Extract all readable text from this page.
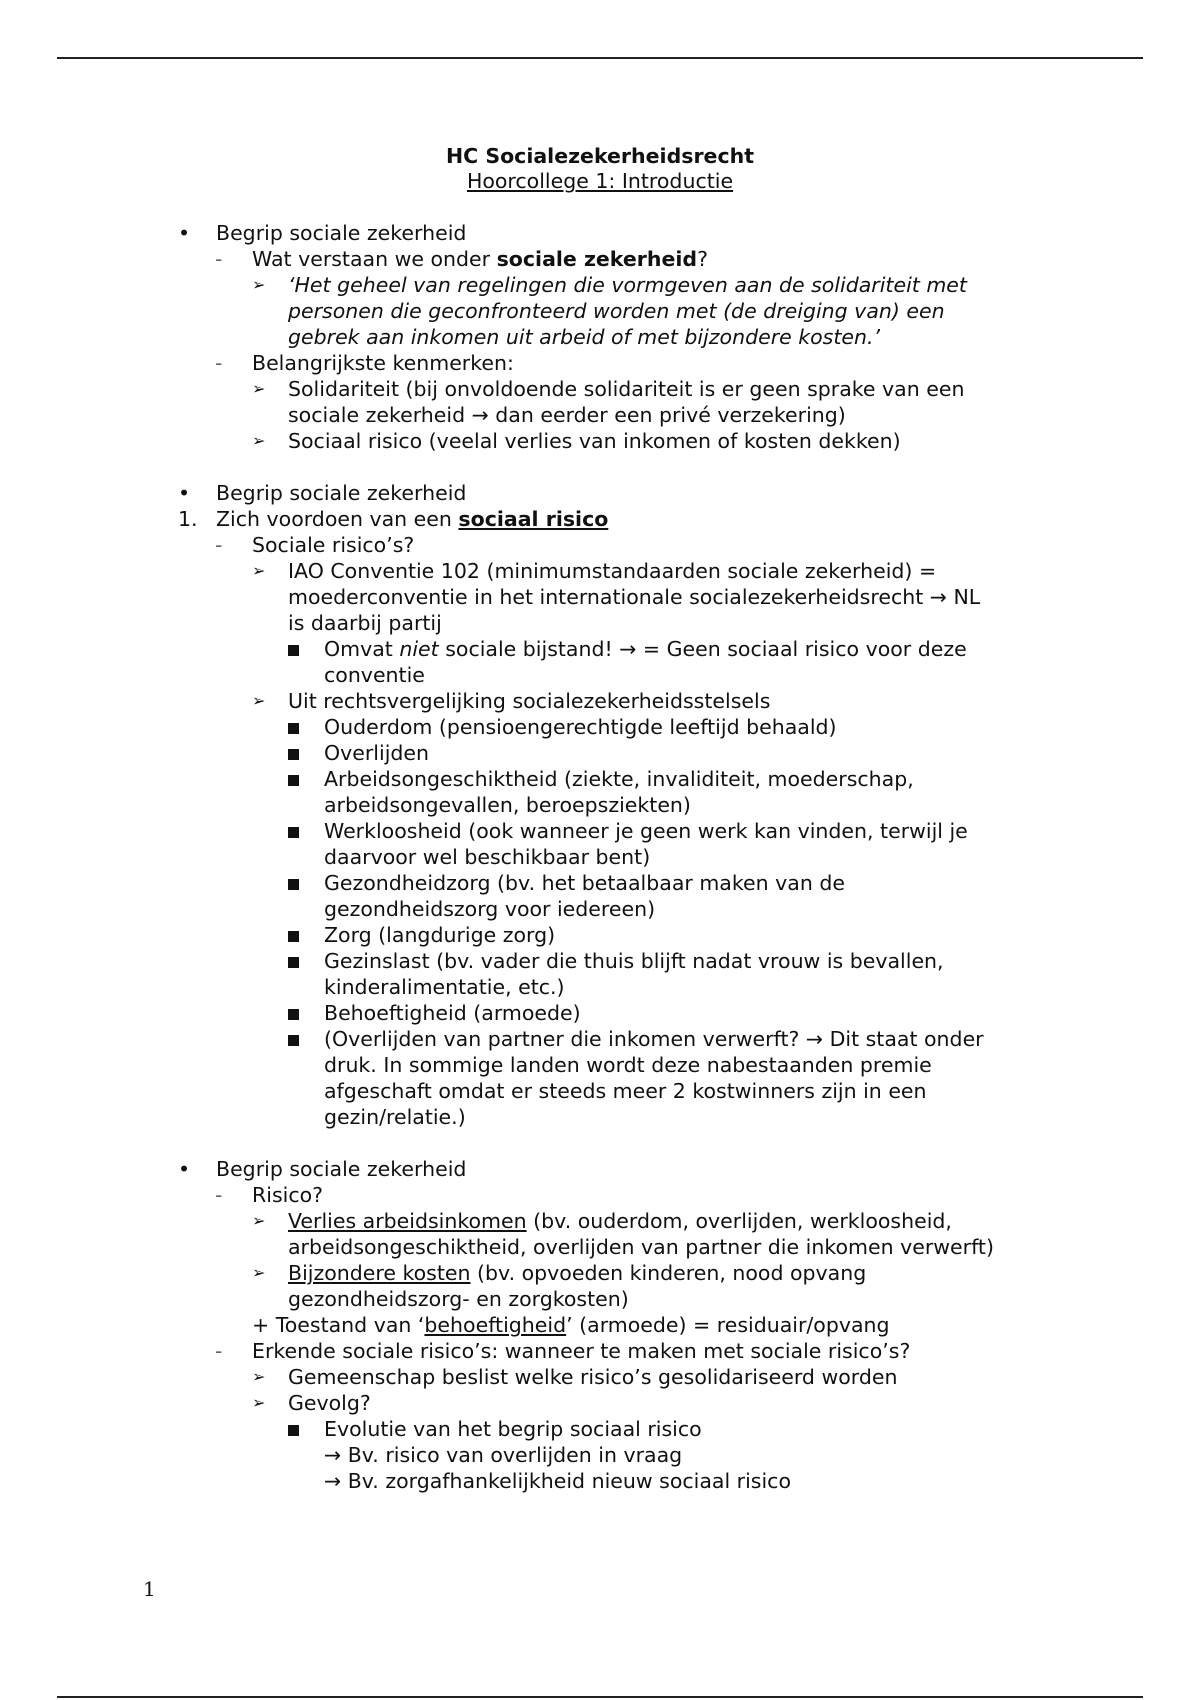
HC Socialezekerheidsrecht
Hoorcollege 1: Introductie
• Begrip sociale zekerheid
- Wat verstaan we onder sociale zekerheid?
➢ ‘Het geheel van regelingen die vormgeven aan de solidariteit met
personen die geconfronteerd worden met (de dreiging van) een
gebrek aan inkomen uit arbeid of met bijzondere kosten.’
- Belangrijkste kenmerken:
➢ Solidariteit (bij onvoldoende solidariteit is er geen sprake van een
sociale zekerheid → dan eerder een privé verzekering)
➢ Sociaal risico (veelal verlies van inkomen of kosten dekken)
• Begrip sociale zekerheid
1. Zich voordoen van een sociaal risico
- Sociale risico’s?
➢ IAO Conventie 102 (minimumstandaarden sociale zekerheid) =
moederconventie in het internationale socialezekerheidsrecht → NL
is daarbij partij
Omvat niet sociale bijstand! → = Geen sociaal risico voor deze
conventie
➢ Uit rechtsvergelijking socialezekerheidsstelsels
Ouderdom (pensioengerechtigde leeftijd behaald)
Overlijden
Arbeidsongeschiktheid (ziekte, invaliditeit, moederschap,
arbeidsongevallen, beroepsziekten)
Werkloosheid (ook wanneer je geen werk kan vinden, terwijl je
daarvoor wel beschikbaar bent)
Gezondheidzorg (bv. het betaalbaar maken van de
gezondheidszorg voor iedereen)
Zorg (langdurige zorg)
Gezinslast (bv. vader die thuis blijft nadat vrouw is bevallen,
kinderalimentatie, etc.)
Behoeftigheid (armoede)
(Overlijden van partner die inkomen verwerft? → Dit staat onder
druk. In sommige landen wordt deze nabestaanden premie
afgeschaft omdat er steeds meer 2 kostwinners zijn in een
gezin/relatie.)
• Begrip sociale zekerheid
- Risico?
➢ Verlies arbeidsinkomen (bv. ouderdom, overlijden, werkloosheid,
arbeidsongeschiktheid, overlijden van partner die inkomen verwerft)
➢ Bijzondere kosten (bv. opvoeden kinderen, nood opvang
gezondheidszorg- en zorgkosten)
+ Toestand van ‘behoeftigheid’ (armoede) = residuair/opvang
- Erkende sociale risico’s: wanneer te maken met sociale risico’s?
➢ Gemeenschap beslist welke risico’s gesolidariseerd worden
➢ Gevolg?
Evolutie van het begrip sociaal risico
→ Bv. risico van overlijden in vraag
→ Bv. zorgafhankelijkheid nieuw sociaal risico
1
